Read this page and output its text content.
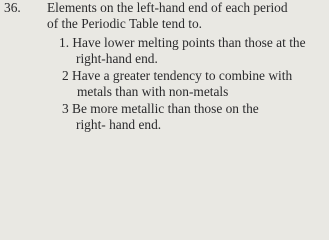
36. Elements on the left-hand end of each period
of the Periodic Table tend to.
1. Have lower melting points than those at the
right-hand end.
2 Have a greater tendency to combine with
metals than with non-metals
3 Be more metallic than those on the
right- hand end.
